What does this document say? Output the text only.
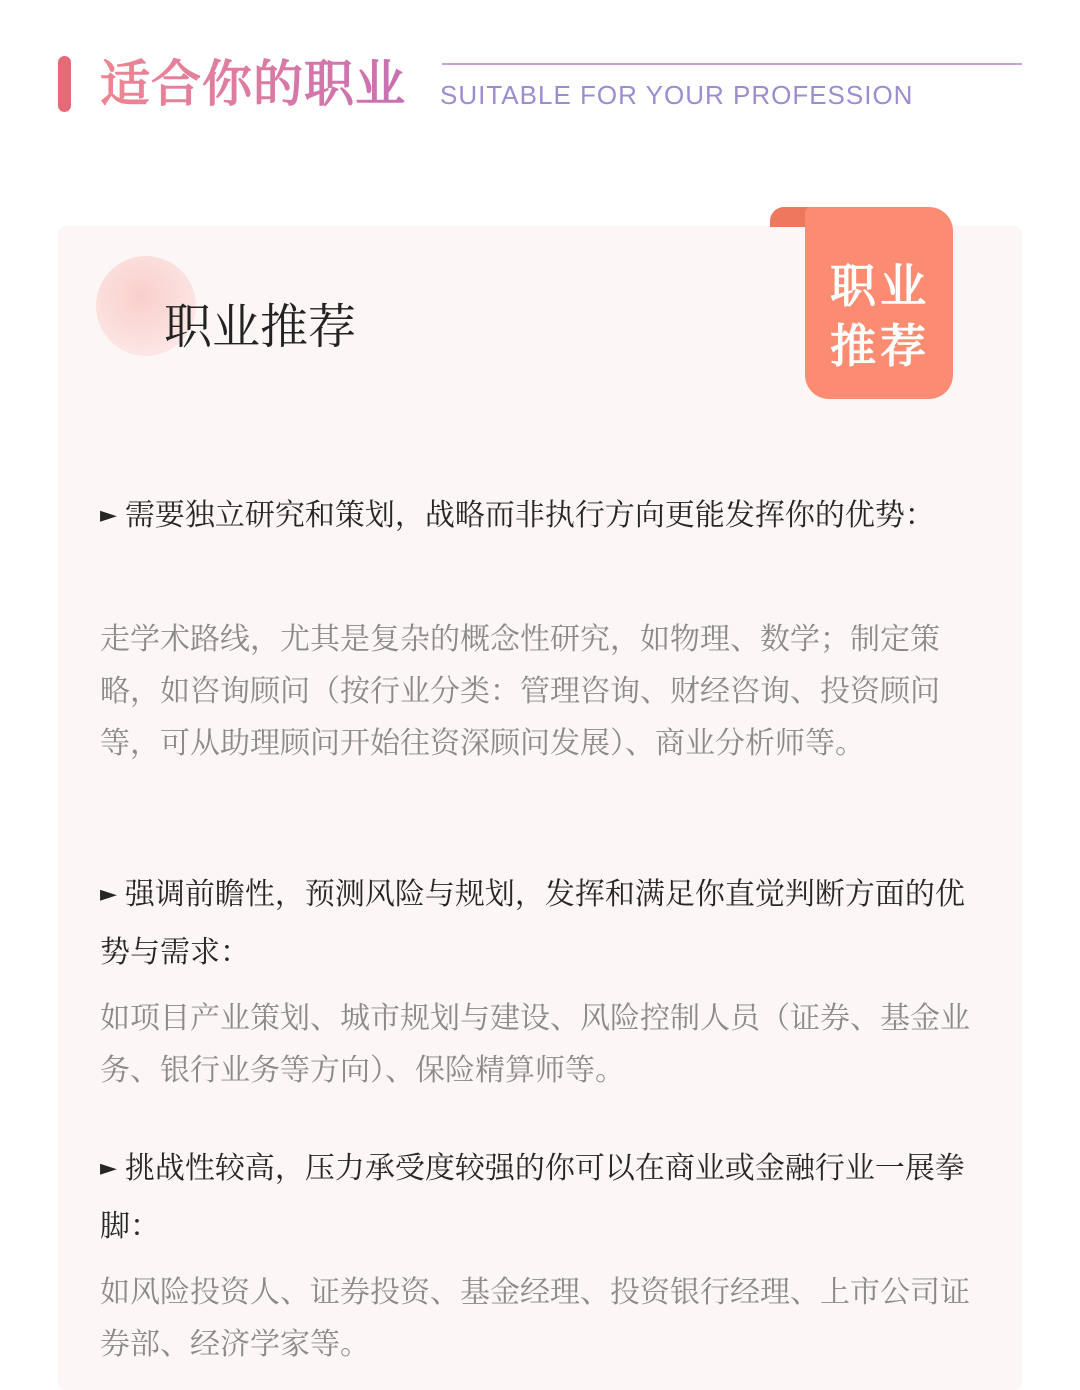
适合你的职业 SUITABLE FOR YOUR PROFESSION
职业推荐
职业
推荐

► 需要独立研究和策划，战略而非执行方向更能发挥你的优势：

走学术路线，尤其是复杂的概念性研究，如物理、数学；制定策略，如咨询顾问（按行业分类：管理咨询、财经咨询、投资顾问等，可从助理顾问开始往资深顾问发展）、商业分析师等。

► 强调前瞻性，预测风险与规划，发挥和满足你直觉判断方面的优势与需求：

如项目产业策划、城市规划与建设、风险控制人员（证券、基金业务、银行业务等方向）、保险精算师等。

► 挑战性较高，压力承受度较强的你可以在商业或金融行业一展拳脚：

如风险投资人、证券投资、基金经理、投资银行经理、上市公司证券部、经济学家等。
